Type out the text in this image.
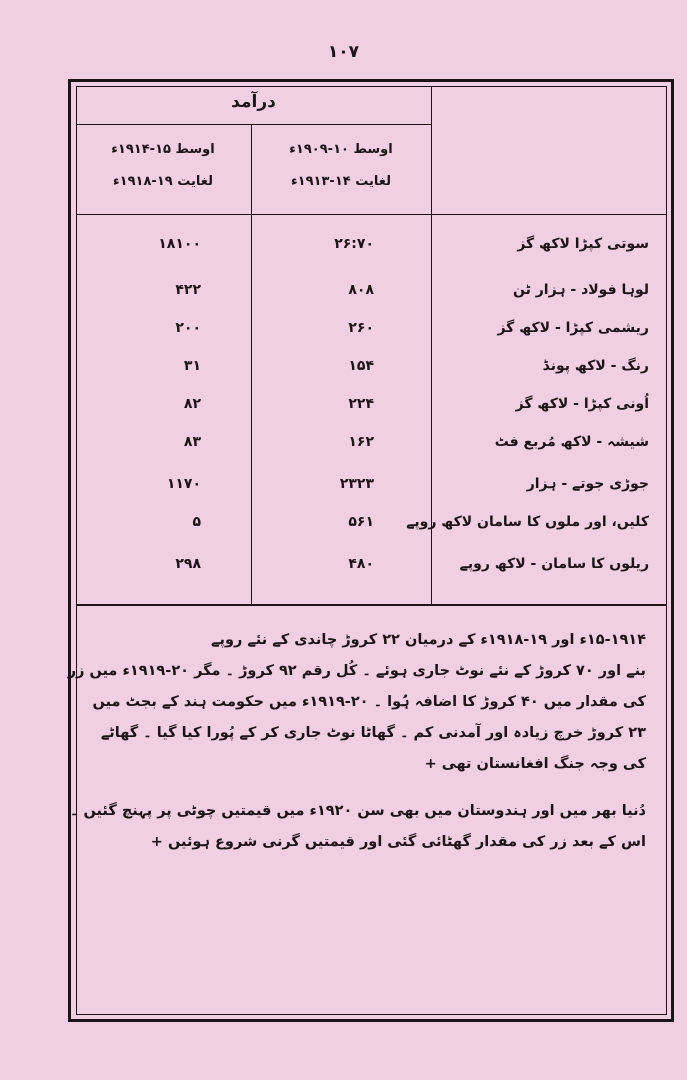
۱۰۷
درآمد
اوسط ۱۰-۱۹۰۹ء
لغایت ۱۴-۱۹۱۳ء
اوسط ۱۵-۱۹۱۴ء
لغایت ۱۹-۱۹۱۸ء
سوتی کپڑا لاکھ گز
۲۶:۷۰
۱۸۱۰۰
لوہا فولاد - ہزار ٹن
۸۰۸
۴۲۲
ریشمی کپڑا - لاکھ گز
۲۶۰
۲۰۰
رنگ - لاکھ پونڈ
۱۵۴
۳۱
اُونی کپڑا - لاکھ گز
۲۲۴
۸۲
شیشہ - لاکھ مُربع فٹ
۱۶۲
۸۳
جوڑی جوتے - ہزار
۲۳۲۳
۱۱۷۰
کلیں، اور ملوں کا سامان لاکھ روپے
۵۶۱
۵
ریلوں کا سامان - لاکھ روپے
۴۸۰
۲۹۸

۱۵-۱۹۱۴ء اور ۱۹-۱۹۱۸ء کے درمیان ۲۲ کروڑ چاندی کے نئے روپے

بنے اور ۷۰ کروڑ کے نئے نوٹ جاری ہوئے ۔ کُل رقم ۹۲ کروڑ ۔ مگر ۲۰-۱۹۱۹ء میں زر

کی مقدار میں ۴۰ کروڑ کا اضافہ ہُوا ۔ ۲۰-۱۹۱۹ء میں حکومت ہند کے بجٹ میں

۲۳ کروڑ خرچ زیادہ اور آمدنی کم ۔ گھاٹا نوٹ جاری کر کے پُورا کیا گیا ۔ گھاٹے

کی وجہ جنگ افغانستان تھی +

دُنیا بھر میں اور ہندوستان میں بھی سن ۱۹۲۰ء میں قیمتیں چوٹی پر پہنچ گئیں ۔

اس کے بعد زر کی مقدار گھٹائی گئی اور قیمتیں گرنی شروع ہوئیں +
